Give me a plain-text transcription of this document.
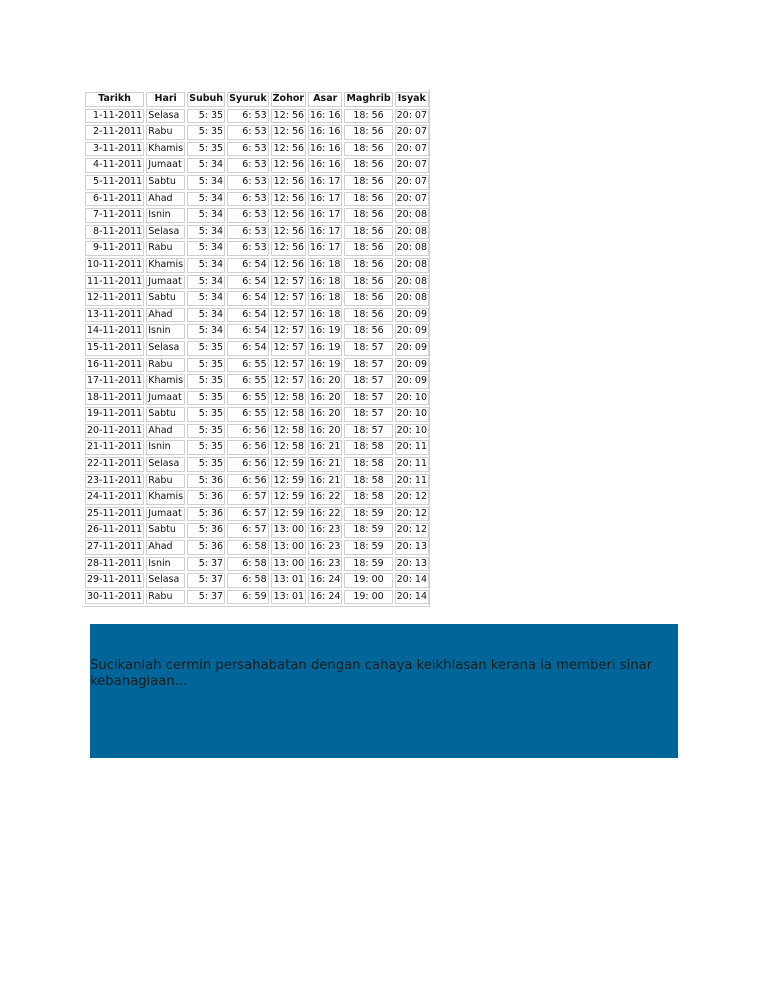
Tarikh	Hari	Subuh	Syuruk	Zohor	Asar	Maghrib	Isyak
1-11-2011	Selasa	5: 35	6: 53	12: 56	16: 16	18: 56	20: 07
2-11-2011	Rabu	5: 35	6: 53	12: 56	16: 16	18: 56	20: 07
3-11-2011	Khamis	5: 35	6: 53	12: 56	16: 16	18: 56	20: 07
4-11-2011	Jumaat	5: 34	6: 53	12: 56	16: 16	18: 56	20: 07
5-11-2011	Sabtu	5: 34	6: 53	12: 56	16: 17	18: 56	20: 07
6-11-2011	Ahad	5: 34	6: 53	12: 56	16: 17	18: 56	20: 07
7-11-2011	Isnin	5: 34	6: 53	12: 56	16: 17	18: 56	20: 08
8-11-2011	Selasa	5: 34	6: 53	12: 56	16: 17	18: 56	20: 08
9-11-2011	Rabu	5: 34	6: 53	12: 56	16: 17	18: 56	20: 08
10-11-2011	Khamis	5: 34	6: 54	12: 56	16: 18	18: 56	20: 08
11-11-2011	Jumaat	5: 34	6: 54	12: 57	16: 18	18: 56	20: 08
12-11-2011	Sabtu	5: 34	6: 54	12: 57	16: 18	18: 56	20: 08
13-11-2011	Ahad	5: 34	6: 54	12: 57	16: 18	18: 56	20: 09
14-11-2011	Isnin	5: 34	6: 54	12: 57	16: 19	18: 56	20: 09
15-11-2011	Selasa	5: 35	6: 54	12: 57	16: 19	18: 57	20: 09
16-11-2011	Rabu	5: 35	6: 55	12: 57	16: 19	18: 57	20: 09
17-11-2011	Khamis	5: 35	6: 55	12: 57	16: 20	18: 57	20: 09
18-11-2011	Jumaat	5: 35	6: 55	12: 58	16: 20	18: 57	20: 10
19-11-2011	Sabtu	5: 35	6: 55	12: 58	16: 20	18: 57	20: 10
20-11-2011	Ahad	5: 35	6: 56	12: 58	16: 20	18: 57	20: 10
21-11-2011	Isnin	5: 35	6: 56	12: 58	16: 21	18: 58	20: 11
22-11-2011	Selasa	5: 35	6: 56	12: 59	16: 21	18: 58	20: 11
23-11-2011	Rabu	5: 36	6: 56	12: 59	16: 21	18: 58	20: 11
24-11-2011	Khamis	5: 36	6: 57	12: 59	16: 22	18: 58	20: 12
25-11-2011	Jumaat	5: 36	6: 57	12: 59	16: 22	18: 59	20: 12
26-11-2011	Sabtu	5: 36	6: 57	13: 00	16: 23	18: 59	20: 12
27-11-2011	Ahad	5: 36	6: 58	13: 00	16: 23	18: 59	20: 13
28-11-2011	Isnin	5: 37	6: 58	13: 00	16: 23	18: 59	20: 13
29-11-2011	Selasa	5: 37	6: 58	13: 01	16: 24	19: 00	20: 14
30-11-2011	Rabu	5: 37	6: 59	13: 01	16: 24	19: 00	20: 14

Sucikanlah cermin persahabatan dengan cahaya keikhlasan kerana ia memberi sinar kebahagiaan...
